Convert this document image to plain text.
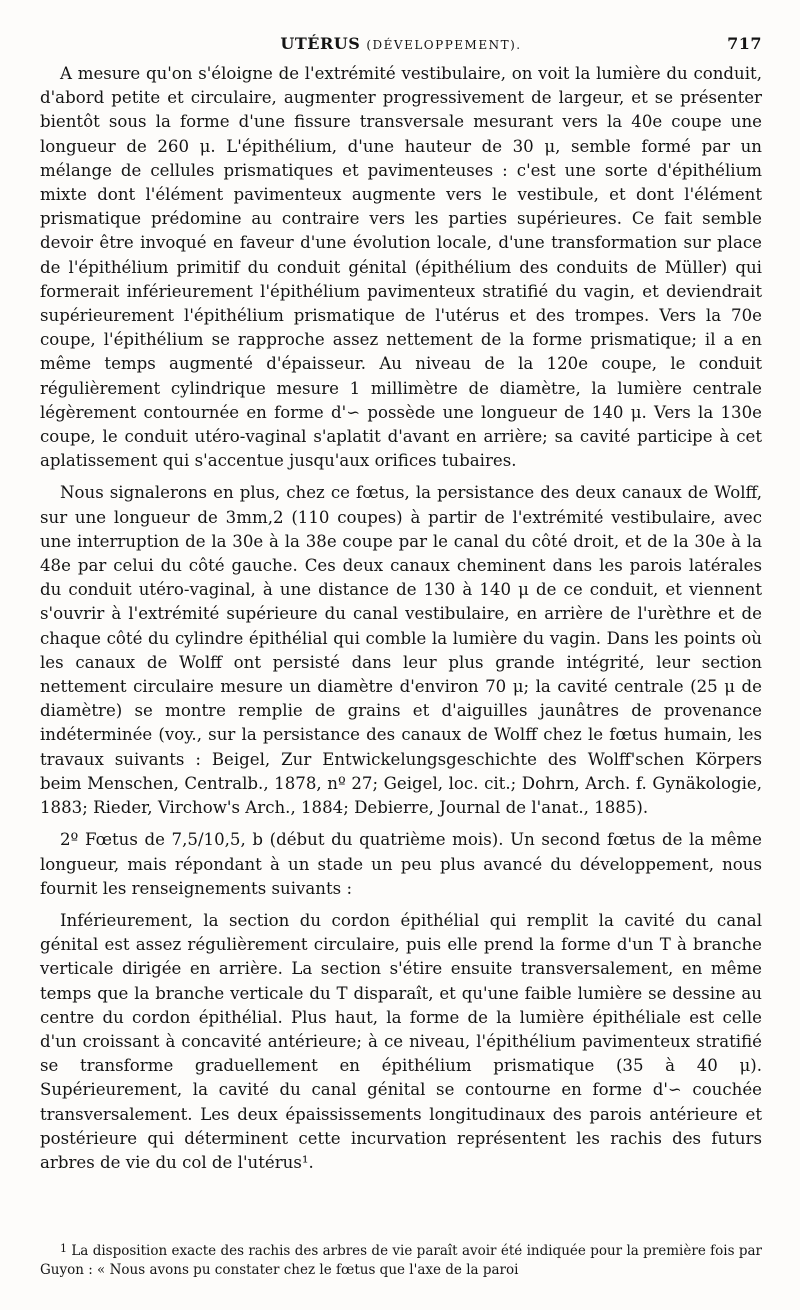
UTÉRUS (DÉVELOPPEMENT).	717

A mesure qu'on s'éloigne de l'extrémité vestibulaire, on voit la lumière du conduit, d'abord petite et circulaire, augmenter progressivement de largeur, et se présenter bientôt sous la forme d'une fissure transversale mesurant vers la 40e coupe une longueur de 260 μ. L'épithélium, d'une hauteur de 30 μ, semble formé par un mélange de cellules prismatiques et pavimenteuses : c'est une sorte d'épithélium mixte dont l'élément pavimenteux augmente vers le vestibule, et dont l'élément prismatique prédomine au contraire vers les parties supérieures. Ce fait semble devoir être invoqué en faveur d'une évolution locale, d'une transformation sur place de l'épithélium primitif du conduit génital (épithélium des conduits de Müller) qui formerait inférieurement l'épithélium pavimenteux stratifié du vagin, et deviendrait supérieurement l'épithélium prismatique de l'utérus et des trompes. Vers la 70e coupe, l'épithélium se rapproche assez nettement de la forme prismatique; il a en même temps augmenté d'épaisseur. Au niveau de la 120e coupe, le conduit régulièrement cylindrique mesure 1 millimètre de diamètre, la lumière centrale légèrement contournée en forme d'∽ possède une longueur de 140 μ. Vers la 130e coupe, le conduit utéro-vaginal s'aplatit d'avant en arrière; sa cavité participe à cet aplatissement qui s'accentue jusqu'aux orifices tubaires.

Nous signalerons en plus, chez ce fœtus, la persistance des deux canaux de Wolff, sur une longueur de 3mm,2 (110 coupes) à partir de l'extrémité vestibulaire, avec une interruption de la 30e à la 38e coupe par le canal du côté droit, et de la 30e à la 48e par celui du côté gauche. Ces deux canaux cheminent dans les parois latérales du conduit utéro-vaginal, à une distance de 130 à 140 μ de ce conduit, et viennent s'ouvrir à l'extrémité supérieure du canal vestibulaire, en arrière de l'urèthre et de chaque côté du cylindre épithélial qui comble la lumière du vagin. Dans les points où les canaux de Wolff ont persisté dans leur plus grande intégrité, leur section nettement circulaire mesure un diamètre d'environ 70 μ; la cavité centrale (25 μ de diamètre) se montre remplie de grains et d'aiguilles jaunâtres de provenance indéterminée (voy., sur la persistance des canaux de Wolff chez le fœtus humain, les travaux suivants : Beigel, Zur Entwickelungsgeschichte des Wolff'schen Körpers beim Menschen, Centralb., 1878, nº 27; Geigel, loc. cit.; Dohrn, Arch. f. Gynäkologie, 1883; Rieder, Virchow's Arch., 1884; Debierre, Journal de l'anat., 1885).

2º Fœtus de 7,5/10,5, b (début du quatrième mois). Un second fœtus de la même longueur, mais répondant à un stade un peu plus avancé du développement, nous fournit les renseignements suivants :

Inférieurement, la section du cordon épithélial qui remplit la cavité du canal génital est assez régulièrement circulaire, puis elle prend la forme d'un T à branche verticale dirigée en arrière. La section s'étire ensuite transversalement, en même temps que la branche verticale du T disparaît, et qu'une faible lumière se dessine au centre du cordon épithélial. Plus haut, la forme de la lumière épithéliale est celle d'un croissant à concavité antérieure; à ce niveau, l'épithélium pavimenteux stratifié se transforme graduellement en épithélium prismatique (35 à 40 μ). Supérieurement, la cavité du canal génital se contourne en forme d'∽ couchée transversalement. Les deux épaississements longitudinaux des parois antérieure et postérieure qui déterminent cette incurvation représentent les rachis des futurs arbres de vie du col de l'utérus¹.

$^1$ La disposition exacte des rachis des arbres de vie paraît avoir été indiquée pour la première fois par Guyon : « Nous avons pu constater chez le fœtus que l'axe de la paroi
